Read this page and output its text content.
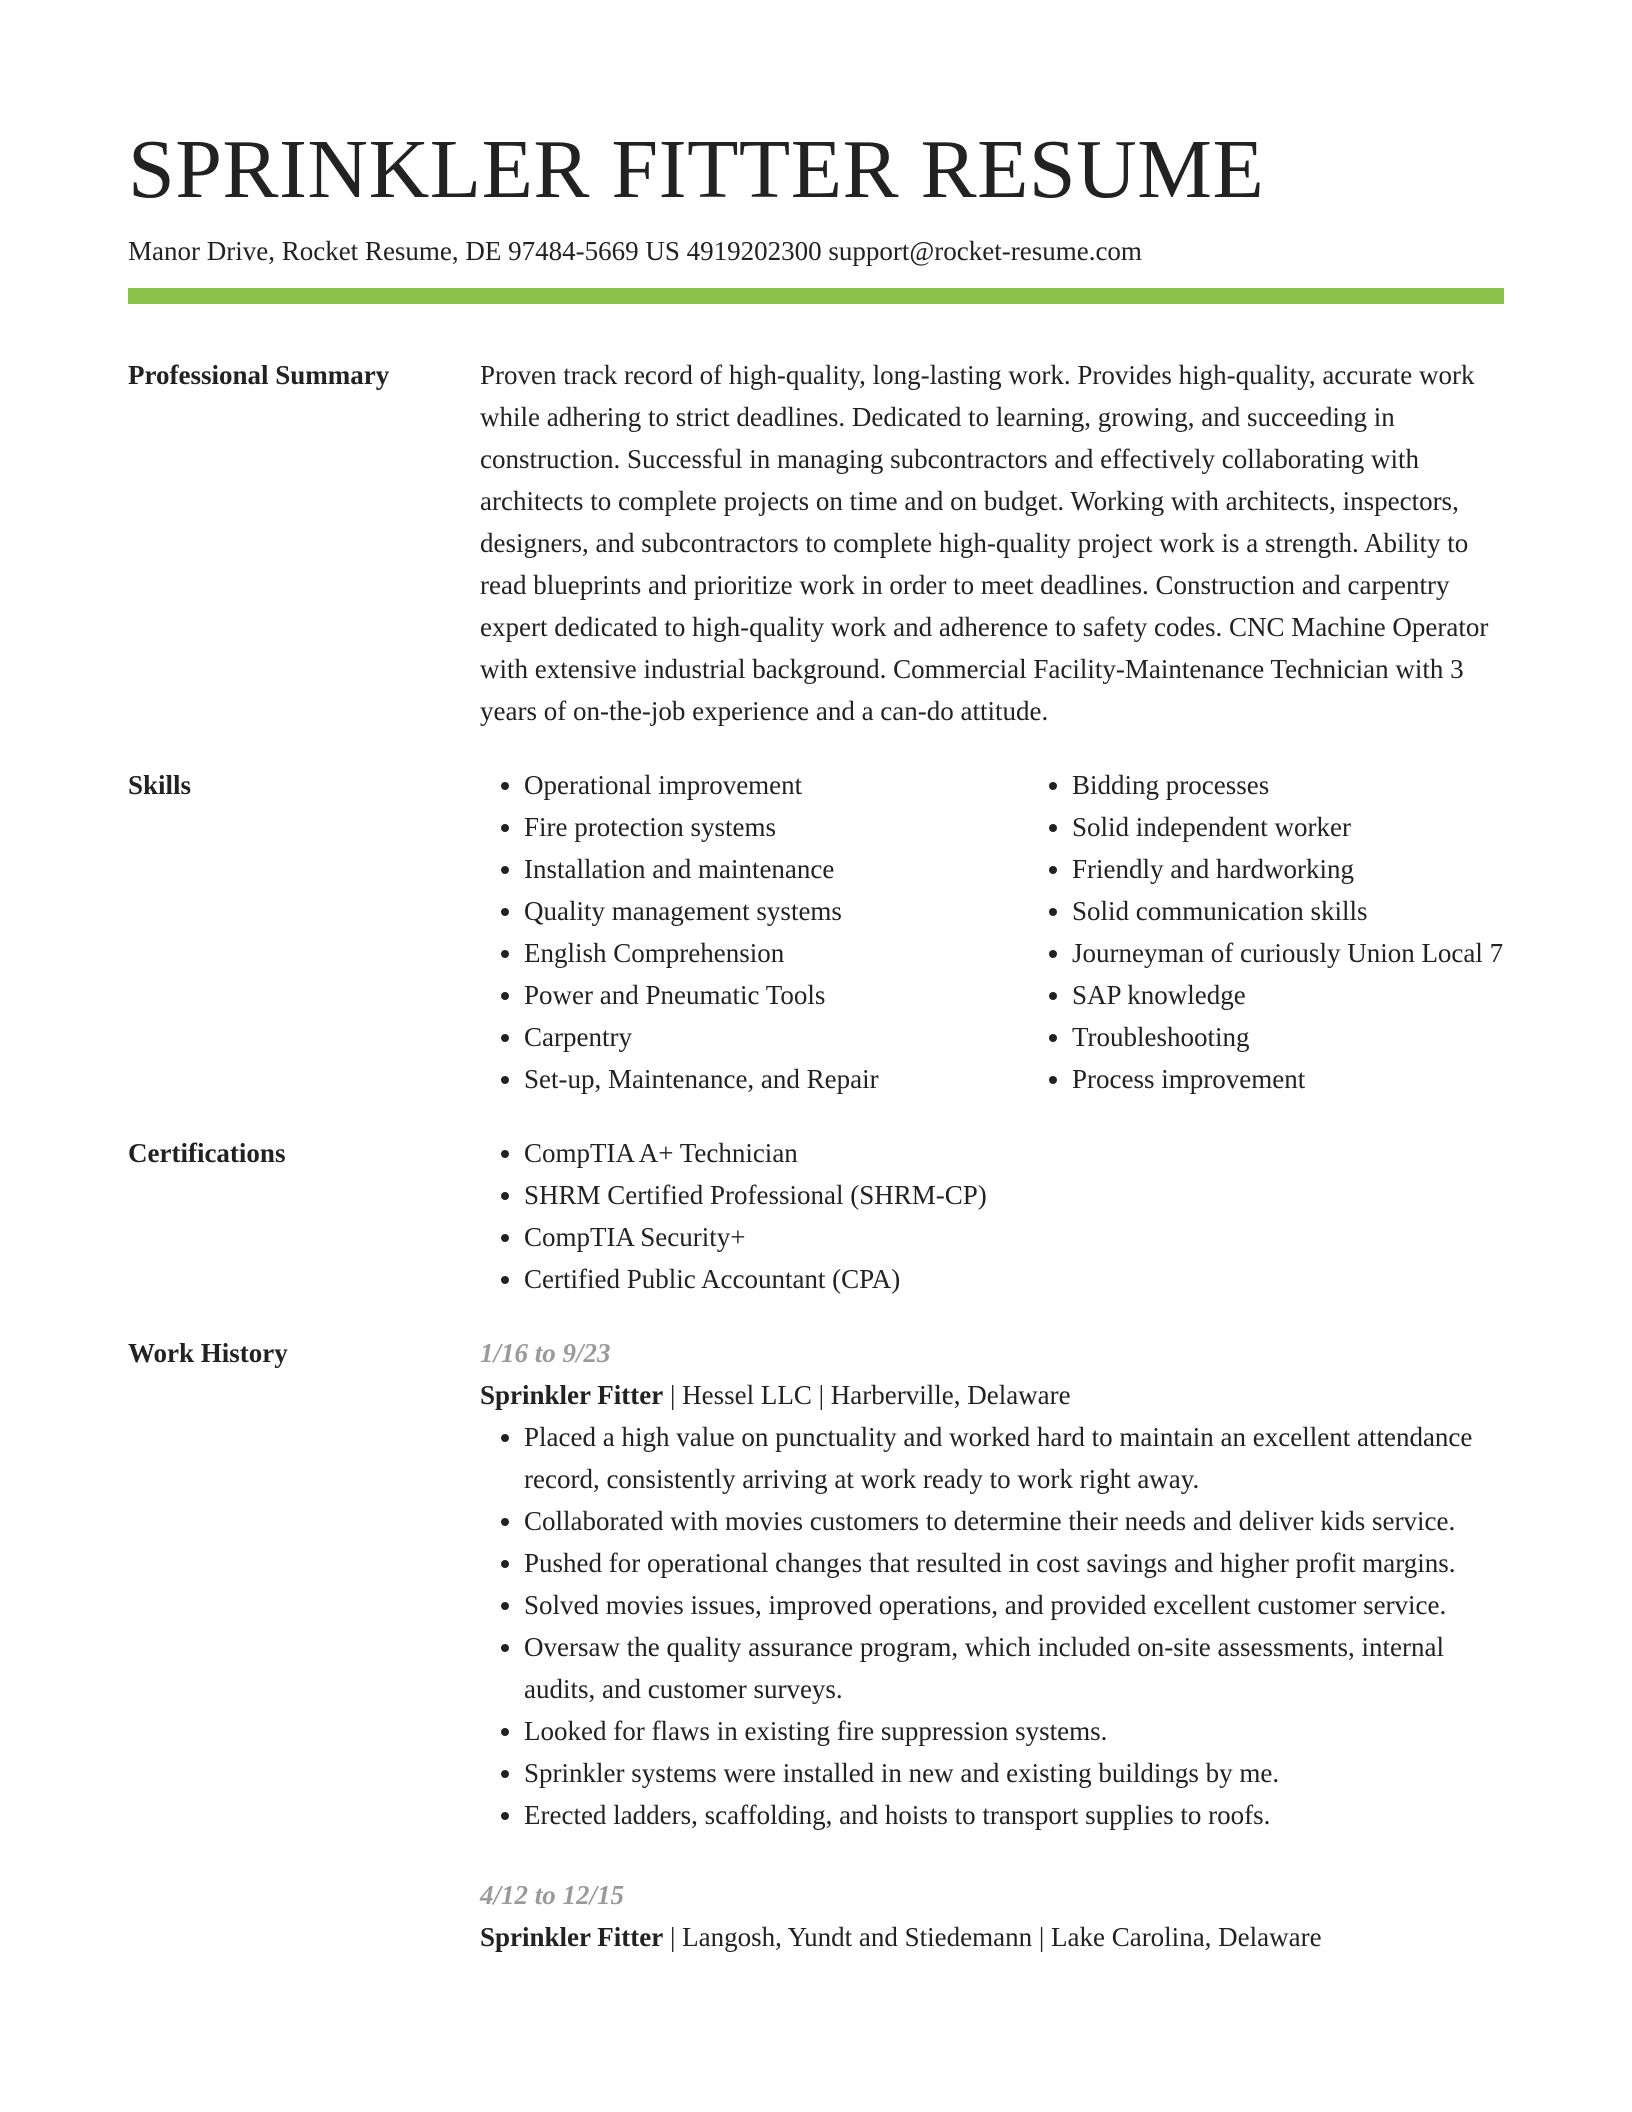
SPRINKLER FITTER RESUME
Manor Drive, Rocket Resume, DE 97484-5669 US 4919202300 support@rocket-resume.com
Professional Summary	Proven track record of high-quality, long-lasting work. Provides high-quality, accurate work while adhering to strict deadlines. Dedicated to learning, growing, and succeeding in construction. Successful in managing subcontractors and effectively collaborating with architects to complete projects on time and on budget. Working with architects, inspectors, designers, and subcontractors to complete high-quality project work is a strength. Ability to read blueprints and prioritize work in order to meet deadlines. Construction and carpentry expert dedicated to high-quality work and adherence to safety codes. CNC Machine Operator with extensive industrial background. Commercial Facility-Maintenance Technician with 3 years of on-the-job experience and a can-do attitude.
Skills	• Operational improvement
• Fire protection systems
• Installation and maintenance
• Quality management systems
• English Comprehension
• Power and Pneumatic Tools
• Carpentry
• Set-up, Maintenance, and Repair
• Bidding processes
• Solid independent worker
• Friendly and hardworking
• Solid communication skills
• Journeyman of curiously Union Local 7
• SAP knowledge
• Troubleshooting
• Process improvement
Certifications	• CompTIA A+ Technician
• SHRM Certified Professional (SHRM-CP)
• CompTIA Security+
• Certified Public Accountant (CPA)
Work History	1/16 to 9/23
Sprinkler Fitter | Hessel LLC | Harberville, Delaware
• Placed a high value on punctuality and worked hard to maintain an excellent attendance record, consistently arriving at work ready to work right away.
• Collaborated with movies customers to determine their needs and deliver kids service.
• Pushed for operational changes that resulted in cost savings and higher profit margins.
• Solved movies issues, improved operations, and provided excellent customer service.
• Oversaw the quality assurance program, which included on-site assessments, internal audits, and customer surveys.
• Looked for flaws in existing fire suppression systems.
• Sprinkler systems were installed in new and existing buildings by me.
• Erected ladders, scaffolding, and hoists to transport supplies to roofs.
4/12 to 12/15
Sprinkler Fitter | Langosh, Yundt and Stiedemann | Lake Carolina, Delaware
